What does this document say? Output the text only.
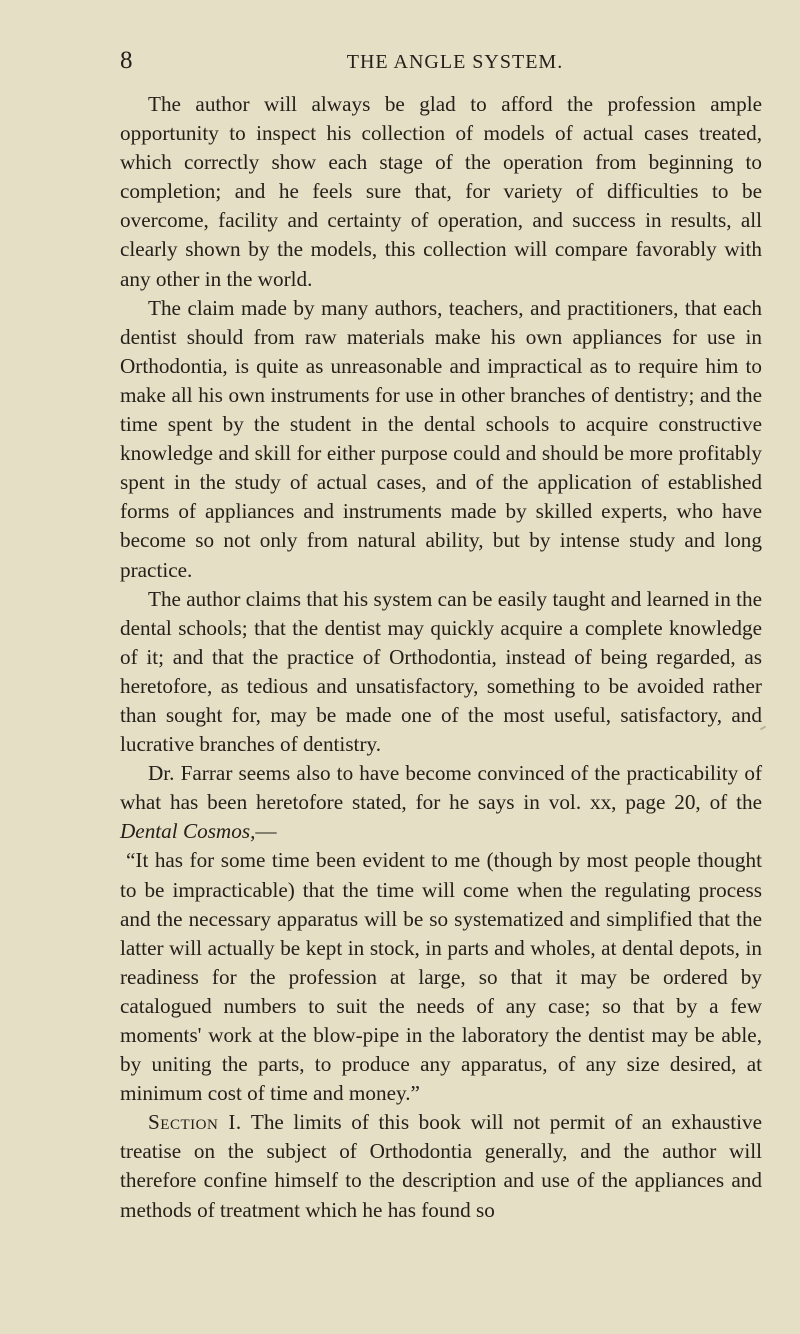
8	THE ANGLE SYSTEM.

The author will always be glad to afford the profession ample opportunity to inspect his collection of models of actual cases treated, which correctly show each stage of the operation from beginning to completion; and he feels sure that, for variety of difficulties to be overcome, facility and certainty of operation, and success in results, all clearly shown by the models, this collection will compare favorably with any other in the world.

The claim made by many authors, teachers, and practitioners, that each dentist should from raw materials make his own appliances for use in Orthodontia, is quite as unreasonable and impractical as to require him to make all his own instruments for use in other branches of dentistry; and the time spent by the student in the dental schools to acquire constructive knowledge and skill for either purpose could and should be more profitably spent in the study of actual cases, and of the application of established forms of appliances and instruments made by skilled experts, who have become so not only from natural ability, but by intense study and long practice.

The author claims that his system can be easily taught and learned in the dental schools; that the dentist may quickly acquire a complete knowledge of it; and that the practice of Orthodontia, instead of being regarded, as heretofore, as tedious and unsatisfactory, something to be avoided rather than sought for, may be made one of the most useful, satisfactory, and lucrative branches of dentistry.

Dr. Farrar seems also to have become convinced of the practicability of what has been heretofore stated, for he says in vol. xx, page 20, of the Dental Cosmos,—

“It has for some time been evident to me (though by most people thought to be impracticable) that the time will come when the regulating process and the necessary apparatus will be so systematized and simplified that the latter will actually be kept in stock, in parts and wholes, at dental depots, in readiness for the profession at large, so that it may be ordered by catalogued numbers to suit the needs of any case; so that by a few moments' work at the blow-pipe in the laboratory the dentist may be able, by uniting the parts, to produce any apparatus, of any size desired, at minimum cost of time and money.”

Section I. The limits of this book will not permit of an exhaustive treatise on the subject of Orthodontia generally, and the author will therefore confine himself to the description and use of the appliances and methods of treatment which he has found so
